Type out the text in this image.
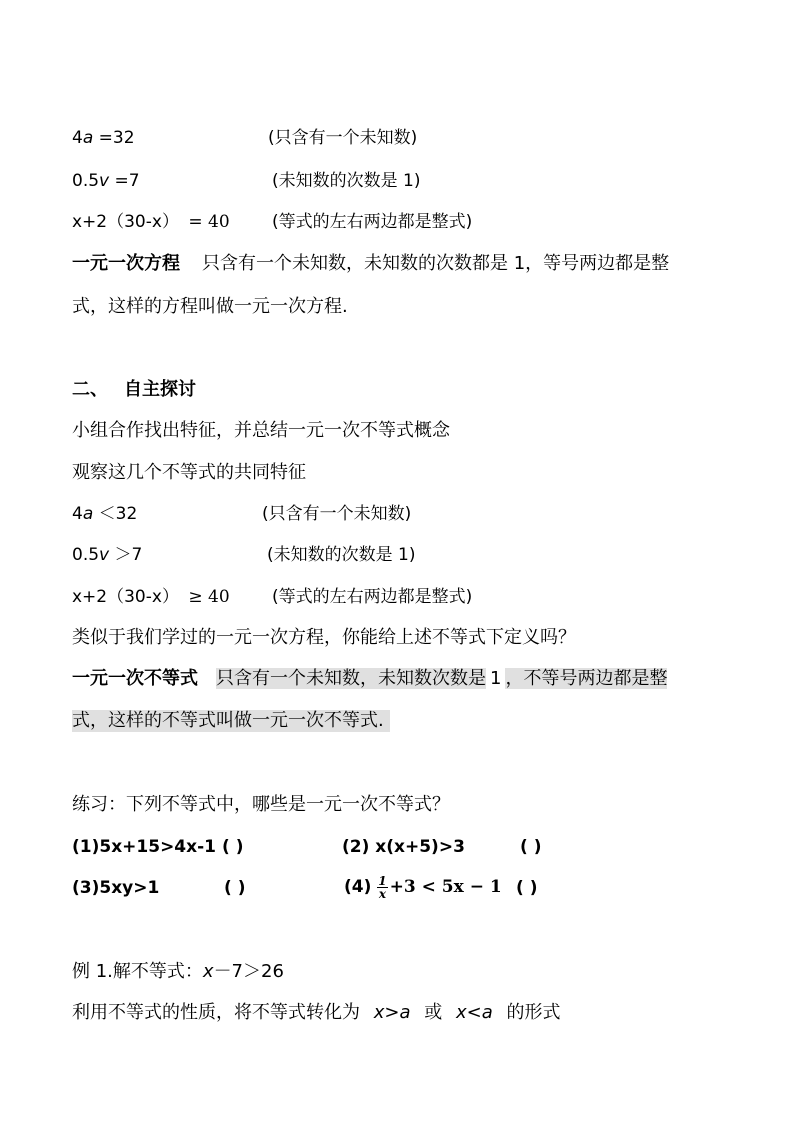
4a =32	(只含有一个未知数)
0.5v =7	(未知数的次数是 1)
x+2（30-x） = 40 (等式的左右两边都是整式)
一元一次方程 只含有一个未知数，未知数的次数都是 1，等号两边都是整
式，这样的方程叫做一元一次方程.
二、 自主探讨
小组合作找出特征，并总结一元一次不等式概念
观察这几个不等式的共同特征
4a ＜32	(只含有一个未知数)
0.5v ＞7	(未知数的次数是 1)
x+2（30-x） ≥ 40 (等式的左右两边都是整式)
类似于我们学过的一元一次方程，你能给上述不等式下定义吗？
一元一次不等式 只含有一个未知数，未知数次数是 1 ，不等号两边都是整
式，这样的不等式叫做一元一次不等式.
练习：下列不等式中，哪些是一元一次不等式？
(1)5x+15>4x-1 ( )	(2) x(x+5)>3	( )
(3)5xy>1	( )	$(4) \frac{1}{x} +3 < 5x - 1$ ( )
例 1.解不等式：x－7＞26
利用不等式的性质，将不等式转化为 x>a 或 x<a 的形式
